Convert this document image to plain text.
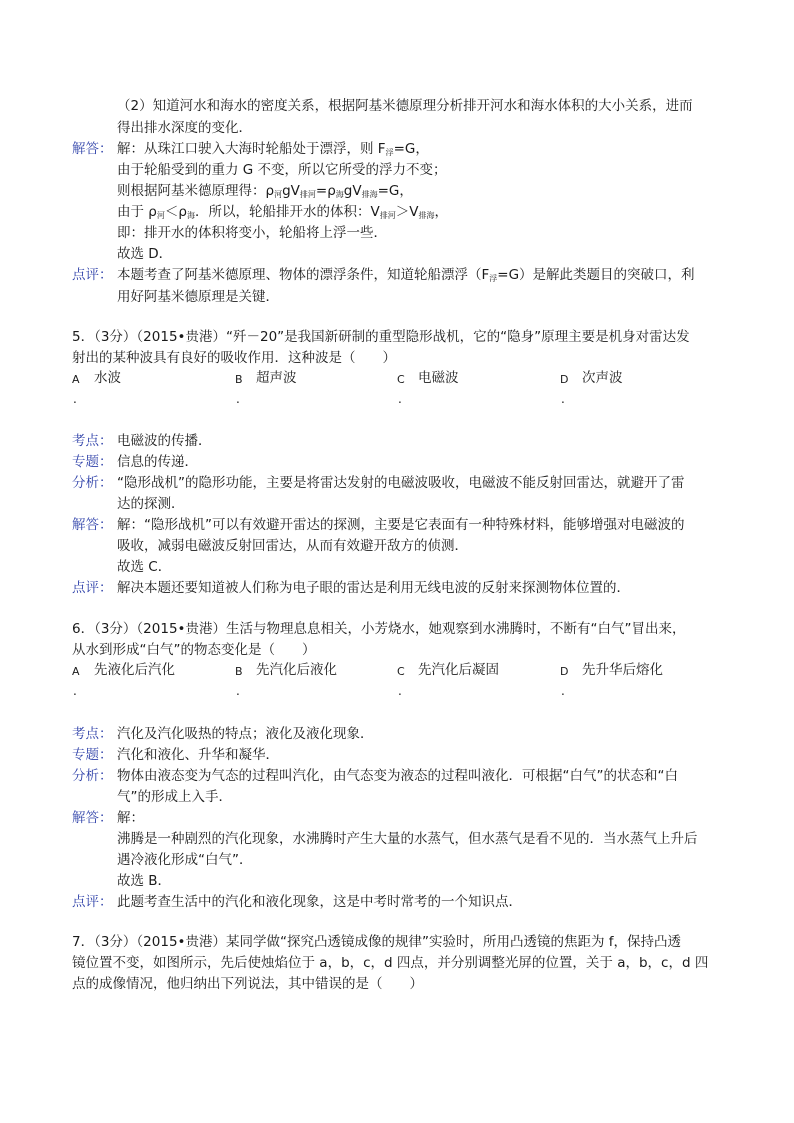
（2）知道河水和海水的密度关系，根据阿基米德原理分析排开河水和海水体积的大小关系，进而
得出排水深度的变化．
解答： 解：从珠江口驶入大海时轮船处于漂浮，则 $F_浮=G$，
由于轮船受到的重力 G 不变，所以它所受的浮力不变；
则根据阿基米德原理得：$\rho_河gV_{排河}=\rho_海gV_{排海}=G$，
由于 $\rho_河<\rho_海$．所以，轮船排开水的体积：$V_{排河}>V_{排海}$，
即：排开水的体积将变小，轮船将上浮一些．
故选 D．
点评： 本题考查了阿基米德原理、物体的漂浮条件，知道轮船漂浮$(F_浮=G)$是解此类题目的突破口，利
用好阿基米德原理是关键．
5．（3分）（2015•贵港）“歼－20”是我国新研制的重型隐形战机，它的“隐身”原理主要是机身对雷达发
射出的某种波具有良好的吸收作用．这种波是（　　）
A 水波
.
B 超声波
.
C 电磁波
.
D 次声波
.
考点： 电磁波的传播．
专题： 信息的传递．
分析： “隐形战机”的隐形功能，主要是将雷达发射的电磁波吸收，电磁波不能反射回雷达，就避开了雷
达的探测．
解答： 解：“隐形战机”可以有效避开雷达的探测，主要是它表面有一种特殊材料，能够增强对电磁波的
吸收，减弱电磁波反射回雷达，从而有效避开敌方的侦测．
故选 C．
点评： 解决本题还要知道被人们称为电子眼的雷达是利用无线电波的反射来探测物体位置的．
6．（3分）（2015•贵港）生活与物理息息相关，小芳烧水，她观察到水沸腾时，不断有“白气”冒出来，
从水到形成“白气”的物态变化是（　　）
A 先液化后汽化
.
B 先汽化后液化
.
C 先汽化后凝固
.
D 先升华后熔化
.
考点： 汽化及汽化吸热的特点；液化及液化现象．
专题： 汽化和液化、升华和凝华．
分析： 物体由液态变为气态的过程叫汽化，由气态变为液态的过程叫液化．可根据“白气”的状态和“白
气”的形成上入手．
解答： 解：
沸腾是一种剧烈的汽化现象，水沸腾时产生大量的水蒸气，但水蒸气是看不见的．当水蒸气上升后
遇冷液化形成“白气”．
故选 B．
点评： 此题考查生活中的汽化和液化现象，这是中考时常考的一个知识点．
7．（3分）（2015•贵港）某同学做“探究凸透镜成像的规律”实验时，所用凸透镜的焦距为 f，保持凸透
镜位置不变，如图所示，先后使烛焰位于 a，b，c，d 四点，并分别调整光屏的位置，关于 a，b，c，d 四
点的成像情况，他归纳出下列说法，其中错误的是（　　）
